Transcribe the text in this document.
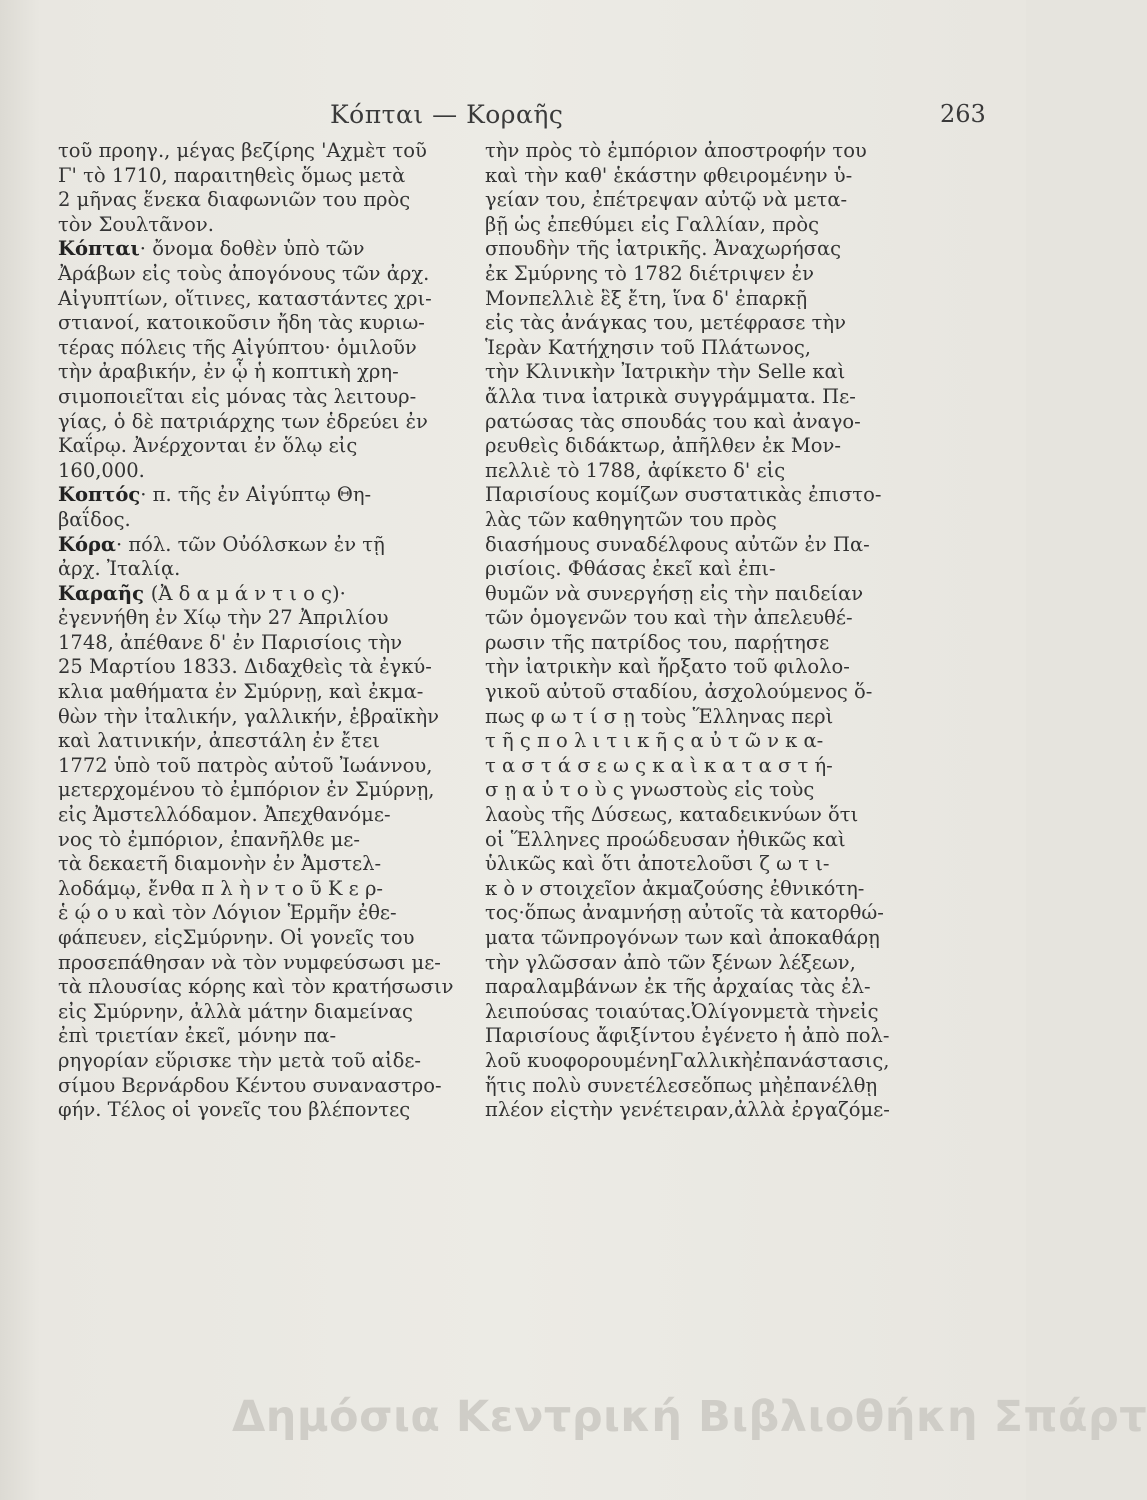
Κόπται — Κοραῆς	263
τοῦ προηγ., μέγας βεζίρης 'Αχμὲτ τοῦ
Γ' τὸ 1710, παραιτηθεὶς ὅμως μετὰ
2 μῆνας ἕνεκα διαφωνιῶν του πρὸς
τὸν Σουλτᾶνον.
Κόπται· ὄνομα δοθὲν ὑπὸ τῶν
Ἀράβων εἰς τοὺς ἀπογόνους τῶν ἀρχ.
Αἰγυπτίων, οἵτινες, καταστάντες χρι-
στιανοί, κατοικοῦσιν ἤδη τὰς κυριω-
τέρας πόλεις τῆς Αἰγύπτου· ὁμιλοῦν
τὴν ἀραβικήν, ἐν ᾧ ἡ κοπτικὴ χρη-
σιμοποιεῖται εἰς μόνας τὰς λειτουρ-
γίας, ὁ δὲ πατριάρχης των ἑδρεύει ἐν
Καΐρῳ. Ἀνέρχονται ἐν ὅλῳ εἰς
160,000.
Κοπτός· π. τῆς ἐν Αἰγύπτῳ Θη-
βαΐδος.
Κόρα· πόλ. τῶν Οὐόλσκων ἐν τῇ
ἀρχ. Ἰταλίᾳ.
Καραῆς (Ἀ δ α μ ά ν τ ι ο ς)·
ἐγεννήθη ἐν Χίῳ τὴν 27 Ἀπριλίου
1748, ἀπέθανε δ' ἐν Παρισίοις τὴν
25 Μαρτίου 1833. Διδαχθεὶς τὰ ἐγκύ-
κλια μαθήματα ἐν Σμύρνῃ, καὶ ἐκμα-
θὼν τὴν ἰταλικήν, γαλλικήν, ἑβραϊκὴν
καὶ λατινικήν, ἀπεστάλη ἐν ἔτει
1772 ὑπὸ τοῦ πατρὸς αὐτοῦ Ἰωάννου,
μετερχομένου τὸ ἐμπόριον ἐν Σμύρνῃ,
εἰς Ἀμστελλόδαμον. Ἀπεχθανόμε-
νος τὸ ἐμπόριον, ἐπανῆλθε με-
τὰ δεκαετῆ διαμονὴν ἐν Ἀμστελ-
λοδάμῳ, ἔνθα π λ ὴ ν τ ο ῦ Κ ε ρ-
ἑ ῴ ο υ καὶ τὸν Λόγιον Ἑρμῆν ἐθε-
φάπευεν, εἰςΣμύρνην. Οἱ γονεῖς του
προσεπάθησαν νὰ τὸν νυμφεύσωσι με-
τὰ πλουσίας κόρης καὶ τὸν κρατήσωσιν
εἰς Σμύρνην, ἀλλὰ μάτην διαμείνας
ἐπὶ τριετίαν ἐκεῖ, μόνην πα-
ρηγορίαν εὕρισκε τὴν μετὰ τοῦ αἰδε-
σίμου Βερνάρδου Κέντου συναναστρο-
φήν. Τέλος οἱ γονεῖς του βλέποντες
τὴν πρὸς τὸ ἐμπόριον ἀποστροφήν του
καὶ τὴν καθ' ἑκάστην φθειρομένην ὑ-
γείαν του, ἐπέτρεψαν αὐτῷ νὰ μετα-
βῇ ὡς ἐπεθύμει εἰς Γαλλίαν, πρὸς
σπουδὴν τῆς ἰατρικῆς. Ἀναχωρήσας
ἐκ Σμύρνης τὸ 1782 διέτριψεν ἐν
Μονπελλιὲ ἓξ ἔτη, ἵνα δ' ἐπαρκῇ
εἰς τὰς ἀνάγκας του, μετέφρασε τὴν
Ἱερὰν Κατήχησιν τοῦ Πλάτωνος,
τὴν Κλινικὴν Ἰατρικὴν τὴν Selle καὶ
ἄλλα τινα ἰατρικὰ συγγράμματα. Πε-
ρατώσας τὰς σπουδάς του καὶ ἀναγο-
ρευθεὶς διδάκτωρ, ἀπῆλθεν ἐκ Μον-
πελλιὲ τὸ 1788, ἀφίκετο δ' εἰς
Παρισίους κομίζων συστατικὰς ἐπιστο-
λὰς τῶν καθηγητῶν του πρὸς
διασήμους συναδέλφους αὐτῶν ἐν Πα-
ρισίοις. Φθάσας ἐκεῖ καὶ ἐπι-
θυμῶν νὰ συνεργήσῃ εἰς τὴν παιδείαν
τῶν ὁμογενῶν του καὶ τὴν ἀπελευθέ-
ρωσιν τῆς πατρίδος του, παρῄτησε
τὴν ἰατρικὴν καὶ ἤρξατο τοῦ φιλολο-
γικοῦ αὐτοῦ σταδίου, ἀσχολούμενος ὅ-
πως φ ω τ ί σ ῃ τοὺς Ἕλληνας περὶ
τ ῆ ς π ο λ ι τ ι κ ῆ ς α ὐ τ ῶ ν κ α-
τ α σ τ ά σ ε ω ς κ α ὶ κ α τ α σ τ ή-
σ ῃ α ὐ τ ο ὺ ς γνωστοὺς εἰς τοὺς
λαοὺς τῆς Δύσεως, καταδεικνύων ὅτι
οἱ Ἕλληνες προώδευσαν ἠθικῶς καὶ
ὑλικῶς καὶ ὅτι ἀποτελοῦσι ζ ω τ ι-
κ ὸ ν στοιχεῖον ἀκμαζούσης ἐθνικότη-
τος·ὅπως ἀναμνήσῃ αὐτοῖς τὰ κατορθώ-
ματα τῶνπρογόνων των καὶ ἀποκαθάρῃ
τὴν γλῶσσαν ἀπὸ τῶν ξένων λέξεων,
παραλαμβάνων ἐκ τῆς ἀρχαίας τὰς ἐλ-
λειπούσας τοιαύτας.Ὀλίγονμετὰ τὴνεἰς
Παρισίους ἄφιξίντου ἐγένετο ἡ ἀπὸ πολ-
λοῦ κυοφορουμένηΓαλλικὴἐπανάστασις,
ἥτις πολὺ συνετέλεσεὅπως μὴἐπανέλθῃ
πλέον εἰςτὴν γενέτειραν,ἀλλὰ ἐργαζόμε-
Δημόσια Κεντρική Βιβλιοθήκη Σπάρτ
